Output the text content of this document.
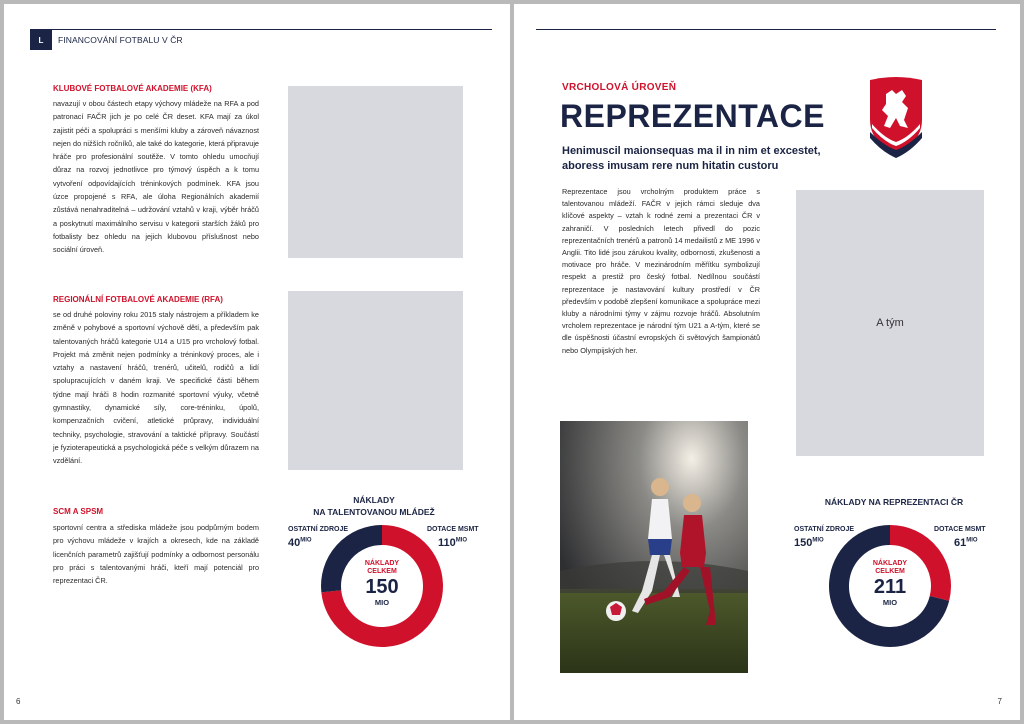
L	FINANCOVÁNÍ FOTBALU V ČR
KLUBOVÉ FOTBALOVÉ AKADEMIE (KFA)
navazují v obou částech etapy výchovy mládeže na RFA a pod patronací FAČR jich je po celé ČR deset. KFA mají za úkol zajistit péči a spolupráci s menšími kluby a zároveň návaznost nejen do nižších ročníků, ale také do kategorie, která připravuje hráče pro profesionální soutěže. V tomto ohledu umocňují důraz na rozvoj jednotlivce pro týmový úspěch a k tomu vytvoření odpovídajících tréninkových podmínek. KFA jsou úzce propojené s RFA, ale úloha Regionálních akademií zůstává nenahraditelná – udržování vztahů v kraji, výběr hráčů a poskytnutí maximálního servisu v kategorii starších žáků pro fotbalisty bez ohledu na jejich klubovou příslušnost nebo sociální úroveň.
REGIONÁLNÍ FOTBALOVÉ AKADEMIE (RFA)
se od druhé poloviny roku 2015 staly nástrojem a příkladem ke změně v pohybové a sportovní výchově dětí, a především pak talentovaných hráčů kategorie U14 a U15 pro vrcholový fotbal. Projekt má změnit nejen podmínky a tréninkový proces, ale i vztahy a nastavení hráčů, trenérů, učitelů, rodičů a lidí spolupracujících v daném kraji. Ve specifické části během týdne mají hráči 8 hodin rozmanité sportovní výuky, včetně gymnastiky, dynamické síly, core-tréninku, úpolů, kompenzačních cvičení, atletické průpravy, individuální techniky, psychologie, stravování a taktické přípravy. Součástí je fyzioterapeutická a psychologická péče s velkým důrazem na vzdělání.
SCM A SPSM
sportovní centra a střediska mládeže jsou podpůrným bodem pro výchovu mládeže v krajích a okresech, kde na základě licenčních parametrů zajišťují podmínky a odbornost personálu pro práci s talentovanými hráči, kteří mají potenciál pro reprezentaci ČR.
NÁKLADY
NA TALENTOVANOU MLÁDEŽ
OSTATNÍ ZDROJE
$40^{MIO}$
DOTACE MSMT
$110^{MIO}$
NÁKLADY
CELKEM
150
MIO
6
VRCHOLOVÁ ÚROVEŇ
REPREZENTACE
Henimuscil maionsequas ma il in nim et excestet, aboress imusam rere num hitatin custoru
Reprezentace jsou vrcholným produktem práce s talentovanou mládeží. FAČR v jejich rámci sleduje dva klíčové aspekty – vztah k rodné zemi a prezentaci ČR v zahraničí. V posledních letech přivedl do pozic reprezentačních trenérů a patronů 14 medailistů z ME 1996 v Anglii. Tito lidé jsou zárukou kvality, odbornosti, zkušenosti a motivace pro hráče. V mezinárodním měřítku symbolizují respekt a prestiž pro český fotbal. Nedílnou součástí reprezentace je nastavování kultury prostředí v ČR především v podobě zlepšení komunikace a spolupráce mezi kluby a národními týmy v zájmu rozvoje hráčů. Absolutním vrcholem reprezentace je národní tým U21 a A-tým, které se dle úspěšnosti účastní evropských či světových šampionátů nebo Olympijských her.
A tým
NÁKLADY NA REPREZENTACI ČR
OSTATNÍ ZDROJE
$150^{MIO}$
DOTACE MSMT
$61^{MIO}$
NÁKLADY
CELKEM
211
MIO
7
